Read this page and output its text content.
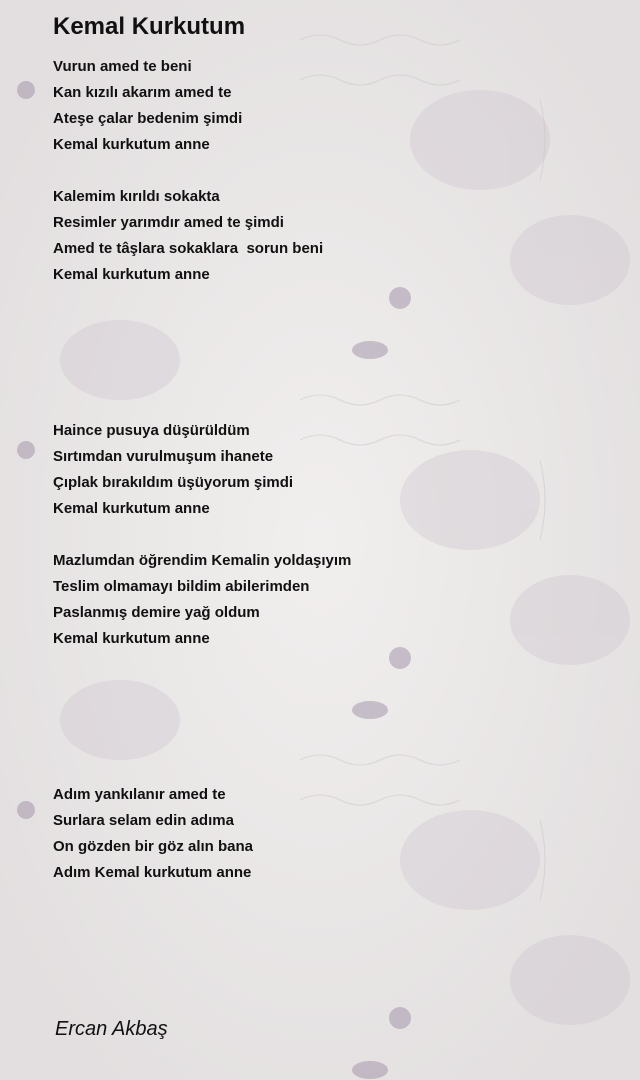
Kemal Kurkutum
Vurun amed te beni
Kan kızılı akarım amed te
Ateşe çalar bedenim şimdi
Kemal kurkutum anne
Kalemim kırıldı sokakta
Resimler yarımdır amed te şimdi
Amed te tâşlara sokaklara  sorun beni
Kemal kurkutum anne
Haince pusuya düşürüldüm
Sırtımdan vurulmuşum ihanete
Çıplak bırakıldım üşüyorum şimdi
Kemal kurkutum anne
Mazlumdan öğrendim Kemalin yoldaşıyım
Teslim olmamayı bildim abilerimden
Paslanmış demire yağ oldum
Kemal kurkutum anne
Adım yankılanır amed te
Surlara selam edin adıma
On gözden bir göz alın bana
Adım Kemal kurkutum anne
Ercan Akbaş
